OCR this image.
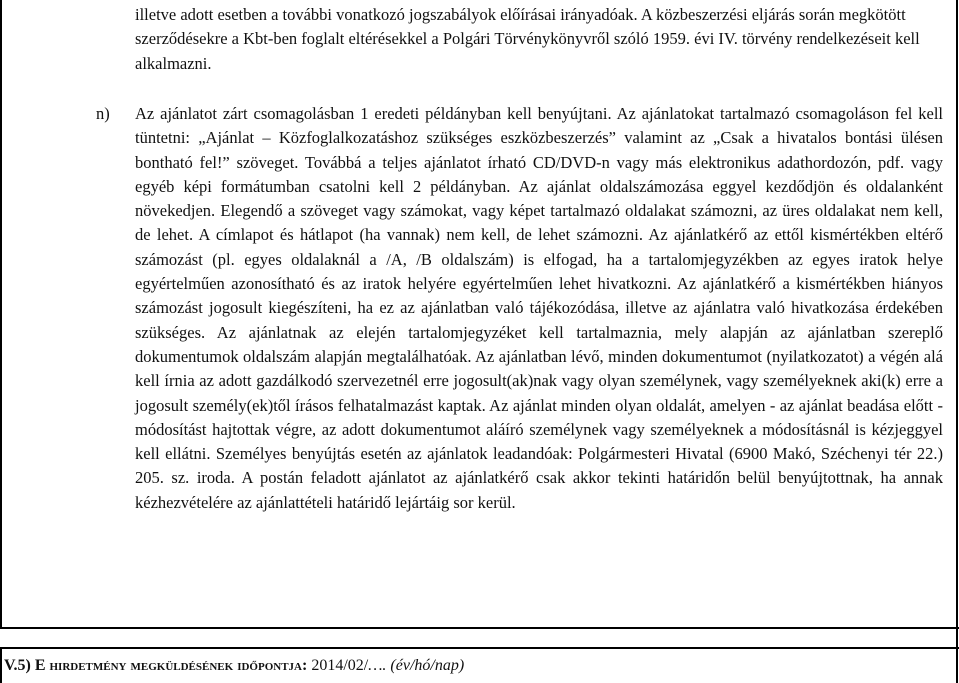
illetve adott esetben a további vonatkozó jogszabályok előírásai irányadóak. A közbeszerzési eljárás során megkötött szerződésekre a Kbt-ben foglalt eltérésekkel a Polgári Törvénykönyvről szóló 1959. évi IV. törvény rendelkezéseit kell alkalmazni.

n) Az ajánlatot zárt csomagolásban 1 eredeti példányban kell benyújtani. Az ajánlatokat tartalmazó csomagoláson fel kell tüntetni: „Ajánlat – Közfoglalkozatáshoz szükséges eszközbeszerzés” valamint az „Csak a hivatalos bontási ülésen bontható fel!” szöveget. Továbbá a teljes ajánlatot írható CD/DVD-n vagy más elektronikus adathordozón, pdf. vagy egyéb képi formátumban csatolni kell 2 példányban. Az ajánlat oldalszámozása eggyel kezdődjön és oldalanként növekedjen. Elegendő a szöveget vagy számokat, vagy képet tartalmazó oldalakat számozni, az üres oldalakat nem kell, de lehet. A címlapot és hátlapot (ha vannak) nem kell, de lehet számozni. Az ajánlatkérő az ettől kismértékben eltérő számozást (pl. egyes oldalaknál a /A, /B oldalszám) is elfogad, ha a tartalomjegyzékben az egyes iratok helye egyértelműen azonosítható és az iratok helyére egyértelműen lehet hivatkozni. Az ajánlatkérő a kismértékben hiányos számozást jogosult kiegészíteni, ha ez az ajánlatban való tájékozódása, illetve az ajánlatra való hivatkozása érdekében szükséges. Az ajánlatnak az elején tartalomjegyzéket kell tartalmaznia, mely alapján az ajánlatban szereplő dokumentumok oldalszám alapján megtalálhatóak. Az ajánlatban lévő, minden dokumentumot (nyilatkozatot) a végén alá kell írnia az adott gazdálkodó szervezetnél erre jogosult(ak)nak vagy olyan személynek, vagy személyeknek aki(k) erre a jogosult személy(ek)től írásos felhatalmazást kaptak. Az ajánlat minden olyan oldalát, amelyen - az ajánlat beadása előtt - módosítást hajtottak végre, az adott dokumentumot aláíró személynek vagy személyeknek a módosításnál is kézjeggyel kell ellátni. Személyes benyújtás esetén az ajánlatok leadandóak: Polgármesteri Hivatal (6900 Makó, Széchenyi tér 22.) 205. sz. iroda. A postán feladott ajánlatot az ajánlatkérő csak akkor tekinti határidőn belül benyújtottnak, ha annak kézhezvételére az ajánlattételi határidő lejártáig sor kerül.

V.5) E hirdetmény megküldésének időpontja: 2014/02/…. (év/hó/nap)
